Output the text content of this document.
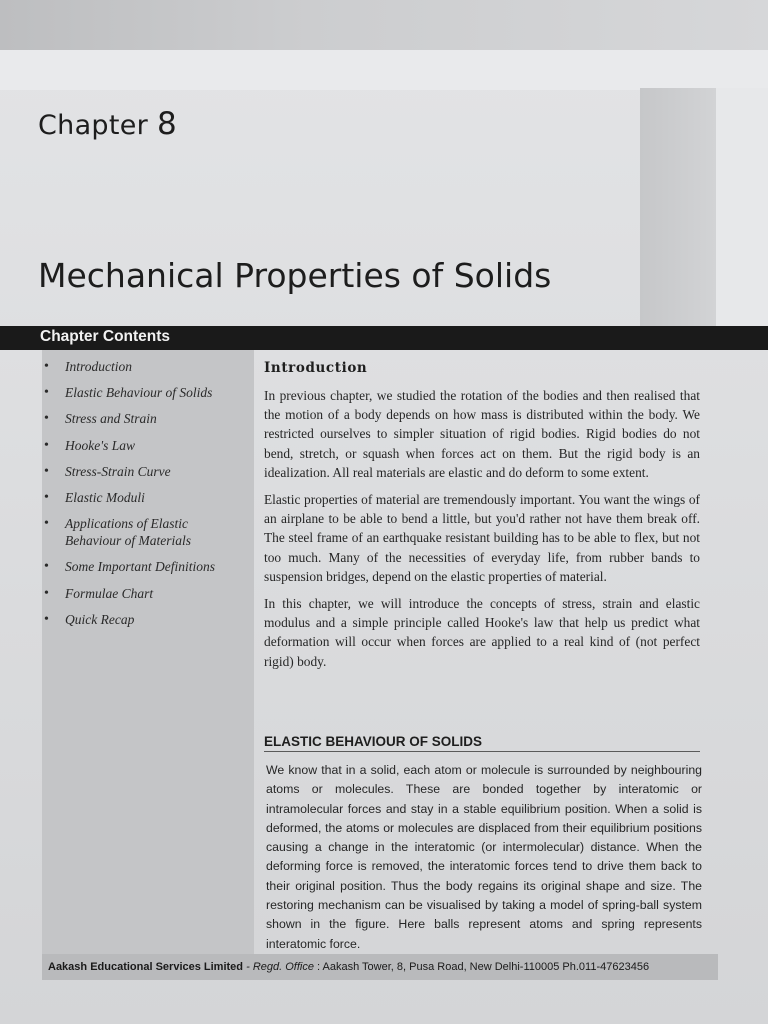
Chapter 8
Mechanical Properties of Solids
Chapter Contents
• Introduction
• Elastic Behaviour of Solids
• Stress and Strain
• Hooke's Law
• Stress-Strain Curve
• Elastic Moduli
• Applications of Elastic Behaviour of Materials
• Some Important Definitions
• Formulae Chart
• Quick Recap
Introduction

In previous chapter, we studied the rotation of the bodies and then realised that the motion of a body depends on how mass is distributed within the body. We restricted ourselves to simpler situation of rigid bodies. Rigid bodies do not bend, stretch, or squash when forces act on them. But the rigid body is an idealization. All real materials are elastic and do deform to some extent.

Elastic properties of material are tremendously important. You want the wings of an airplane to be able to bend a little, but you'd rather not have them break off. The steel frame of an earthquake resistant building has to be able to flex, but not too much. Many of the necessities of everyday life, from rubber bands to suspension bridges, depend on the elastic properties of material.

In this chapter, we will introduce the concepts of stress, strain and elastic modulus and a simple principle called Hooke's law that help us predict what deformation will occur when forces are applied to a real kind of (not perfect rigid) body.

ELASTIC BEHAVIOUR OF SOLIDS

We know that in a solid, each atom or molecule is surrounded by neighbouring atoms or molecules. These are bonded together by interatomic or intramolecular forces and stay in a stable equilibrium position. When a solid is deformed, the atoms or molecules are displaced from their equilibrium positions causing a change in the interatomic (or intermolecular) distance. When the deforming force is removed, the interatomic forces tend to drive them back to their original position. Thus the body regains its original shape and size. The restoring mechanism can be visualised by taking a model of spring-ball system shown in the figure. Here balls represent atoms and spring represents interatomic force.

Aakash Educational Services Limited - Regd. Office : Aakash Tower, 8, Pusa Road, New Delhi-110005 Ph.011-47623456
